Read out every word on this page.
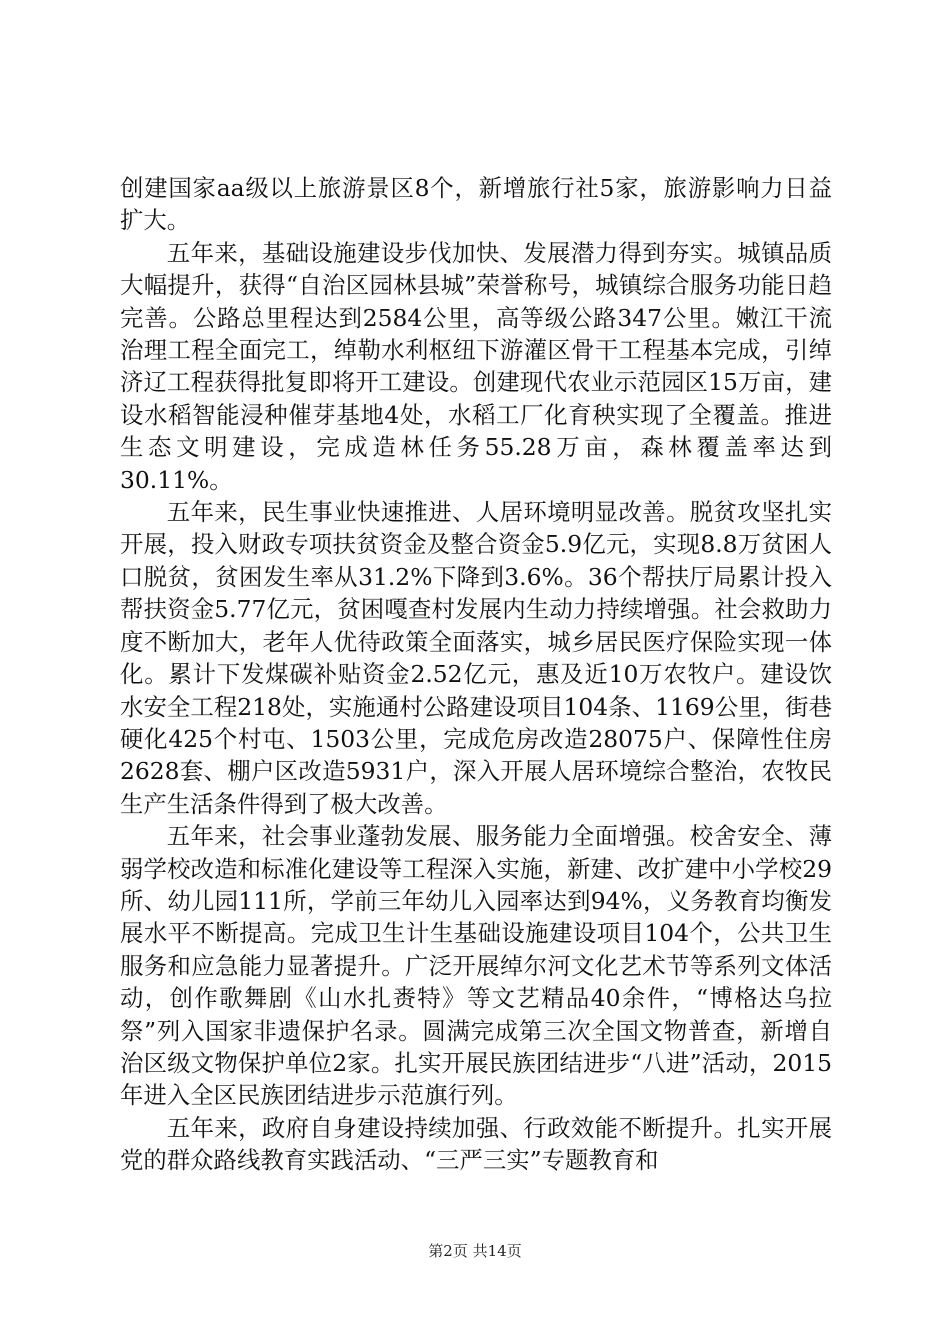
创建国家aa级以上旅游景区8个，新增旅行社5家，旅游影响力日益扩大。

五年来，基础设施建设步伐加快、发展潜力得到夯实。城镇品质大幅提升，获得“自治区园林县城”荣誉称号，城镇综合服务功能日趋完善。公路总里程达到2584公里，高等级公路347公里。嫩江干流治理工程全面完工，绰勒水利枢纽下游灌区骨干工程基本完成，引绰济辽工程获得批复即将开工建设。创建现代农业示范园区15万亩，建设水稻智能浸种催芽基地4处，水稻工厂化育秧实现了全覆盖。推进生态文明建设，完成造林任务55.28万亩，森林覆盖率达到30.11%。

五年来，民生事业快速推进、人居环境明显改善。脱贫攻坚扎实开展，投入财政专项扶贫资金及整合资金5.9亿元，实现8.8万贫困人口脱贫，贫困发生率从31.2%下降到3.6%。36个帮扶厅局累计投入帮扶资金5.77亿元，贫困嘎查村发展内生动力持续增强。社会救助力度不断加大，老年人优待政策全面落实，城乡居民医疗保险实现一体化。累计下发煤碳补贴资金2.52亿元，惠及近10万农牧户。建设饮水安全工程218处，实施通村公路建设项目104条、1169公里，街巷硬化425个村屯、1503公里，完成危房改造28075户、保障性住房2628套、棚户区改造5931户，深入开展人居环境综合整治，农牧民生产生活条件得到了极大改善。

五年来，社会事业蓬勃发展、服务能力全面增强。校舍安全、薄弱学校改造和标准化建设等工程深入实施，新建、改扩建中小学校29所、幼儿园111所，学前三年幼儿入园率达到94%，义务教育均衡发展水平不断提高。完成卫生计生基础设施建设项目104个，公共卫生服务和应急能力显著提升。广泛开展绰尔河文化艺术节等系列文体活动，创作歌舞剧《山水扎赉特》等文艺精品40余件，“博格达乌拉祭”列入国家非遗保护名录。圆满完成第三次全国文物普查，新增自治区级文物保护单位2家。扎实开展民族团结进步“八进”活动，2015年进入全区民族团结进步示范旗行列。

五年来，政府自身建设持续加强、行政效能不断提升。扎实开展党的群众路线教育实践活动、“三严三实”专题教育和

第2页 共14页
